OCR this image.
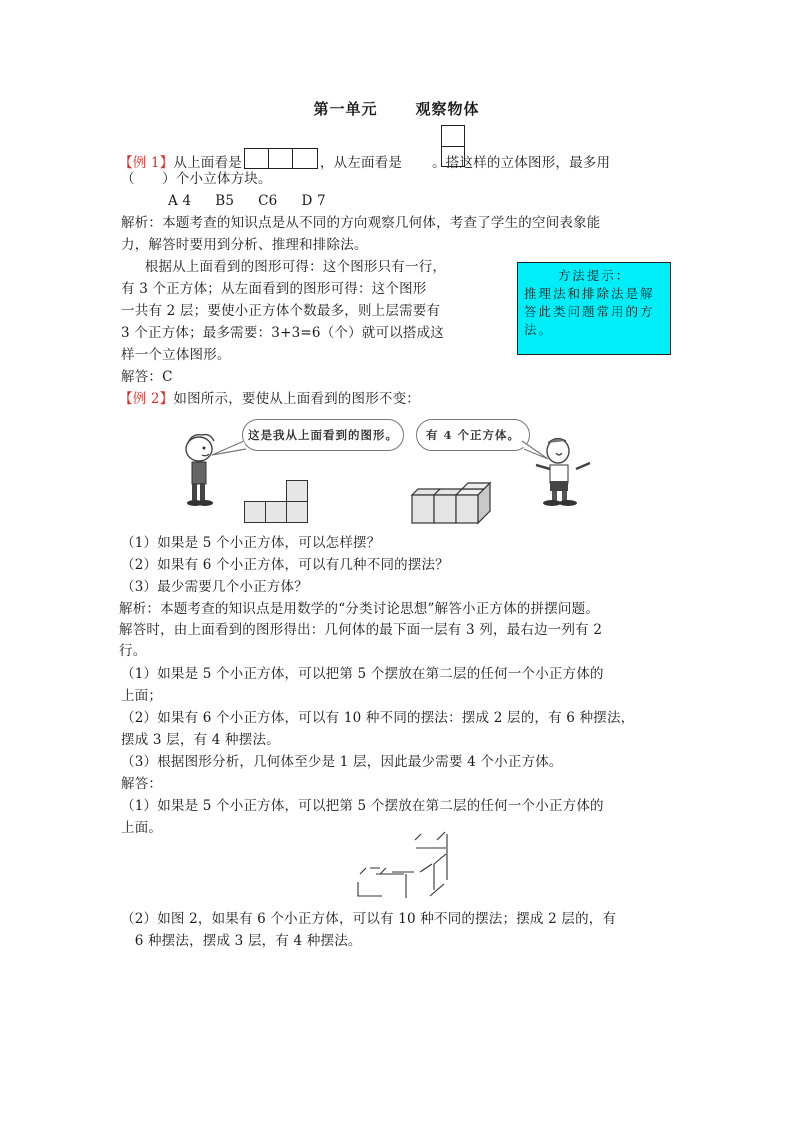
第一单元	观察物体
【例 1】从上面看是	，从左面看是 。搭这样的立体图形，最多用
（　　）个小立体方块。
A 4 B5 C6 D 7
解析：本题考查的知识点是从不同的方向观察几何体，考查了学生的空间表象能
力，解答时要用到分析、推理和排除法。
　根据从上面看到的图形可得：这个图形只有一行，
有 3 个正方体；从左面看到的图形可得：这个图形
一共有 2 层；要使小正方体个数最多，则上层需要有
3 个正方体；最多需要：3+3=6（个）就可以搭成这
样一个立体图形。
解答：C
方法提示：
推理法和排除法是解
答此类问题常用的方
法。
【例 2】如图所示，要使从上面看到的图形不变：
这是我从上面看到的图形。	有 4 个正方体。
（1）如果是 5 个小正方体，可以怎样摆？
（2）如果有 6 个小正方体，可以有几种不同的摆法？
（3）最少需要几个小正方体？
解析：本题考查的知识点是用数学的“分类讨论思想”解答小正方体的拼摆问题。
解答时，由上面看到的图形得出：几何体的最下面一层有 3 列，最右边一列有 2
行。
（1）如果是 5 个小正方体，可以把第 5 个摆放在第二层的任何一个小正方体的
上面；
（2）如果有 6 个小正方体，可以有 10 种不同的摆法：摆成 2 层的，有 6 种摆法，
摆成 3 层，有 4 种摆法。
（3）根据图形分析，几何体至少是 1 层，因此最少需要 4 个小正方体。
解答：
（1）如果是 5 个小正方体，可以把第 5 个摆放在第二层的任何一个小正方体的
上面。
（2）如图 2，如果有 6 个小正方体，可以有 10 种不同的摆法；摆成 2 层的，有
　6 种摆法，摆成 3 层，有 4 种摆法。
